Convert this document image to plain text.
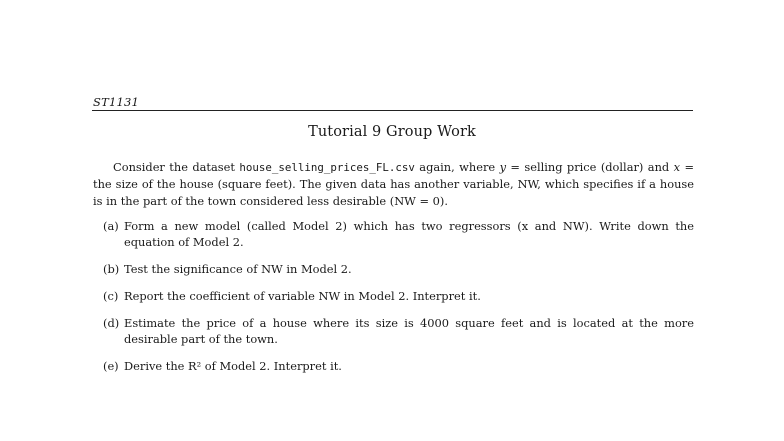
ST1131
Tutorial 9 Group Work

Consider the dataset house_selling_prices_FL.csv again, where y = selling price (dollar) and x = the size of the house (square feet). The given data has another variable, NW, which specifies if a house is in the part of the town considered less desirable (NW = 0).

(a) Form a new model (called Model 2) which has two regressors (x and NW). Write down the equation of Model 2.
(b) Test the significance of NW in Model 2.
(c) Report the coefficient of variable NW in Model 2. Interpret it.
(d) Estimate the price of a house where its size is 4000 square feet and is located at the more desirable part of the town.
(e) Derive the R² of Model 2. Interpret it.
